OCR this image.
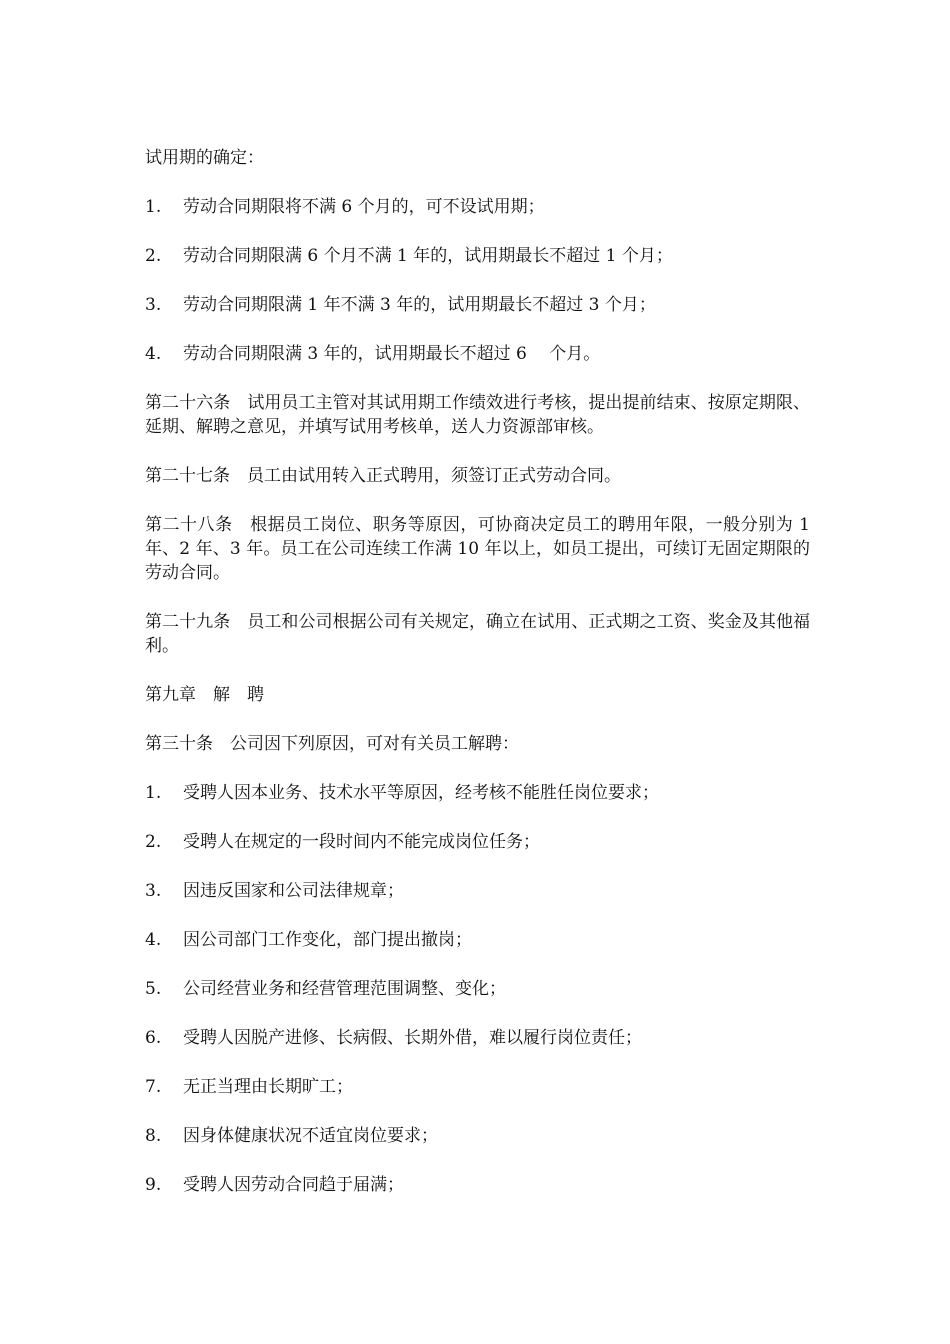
试用期的确定：

1.	劳动合同期限将不满 6 个月的，可不设试用期；
2.	劳动合同期限满 6 个月不满 1 年的，试用期最长不超过 1 个月；
3.	劳动合同期限满 1 年不满 3 年的，试用期最长不超过 3 个月；
4.	劳动合同期限满 3 年的，试用期最长不超过 6　 个月。

第二十六条　试用员工主管对其试用期工作绩效进行考核，提出提前结束、按原定期限、延期、解聘之意见，并填写试用考核单，送人力资源部审核。

第二十七条　员工由试用转入正式聘用，须签订正式劳动合同。

第二十八条　根据员工岗位、职务等原因，可协商决定员工的聘用年限，一般分别为 1 年、2 年、3 年。员工在公司连续工作满 10 年以上，如员工提出，可续订无固定期限的劳动合同。

第二十九条　员工和公司根据公司有关规定，确立在试用、正式期之工资、奖金及其他福利。

第九章　解　聘

第三十条　公司因下列原因，可对有关员工解聘：

1.	受聘人因本业务、技术水平等原因，经考核不能胜任岗位要求；
2.	受聘人在规定的一段时间内不能完成岗位任务；
3.	因违反国家和公司法律规章；
4.	因公司部门工作变化，部门提出撤岗；
5.	公司经营业务和经营管理范围调整、变化；
6.	受聘人因脱产进修、长病假、长期外借，难以履行岗位责任；
7.	无正当理由长期旷工；
8.	因身体健康状况不适宜岗位要求；
9.	受聘人因劳动合同趋于届满；
